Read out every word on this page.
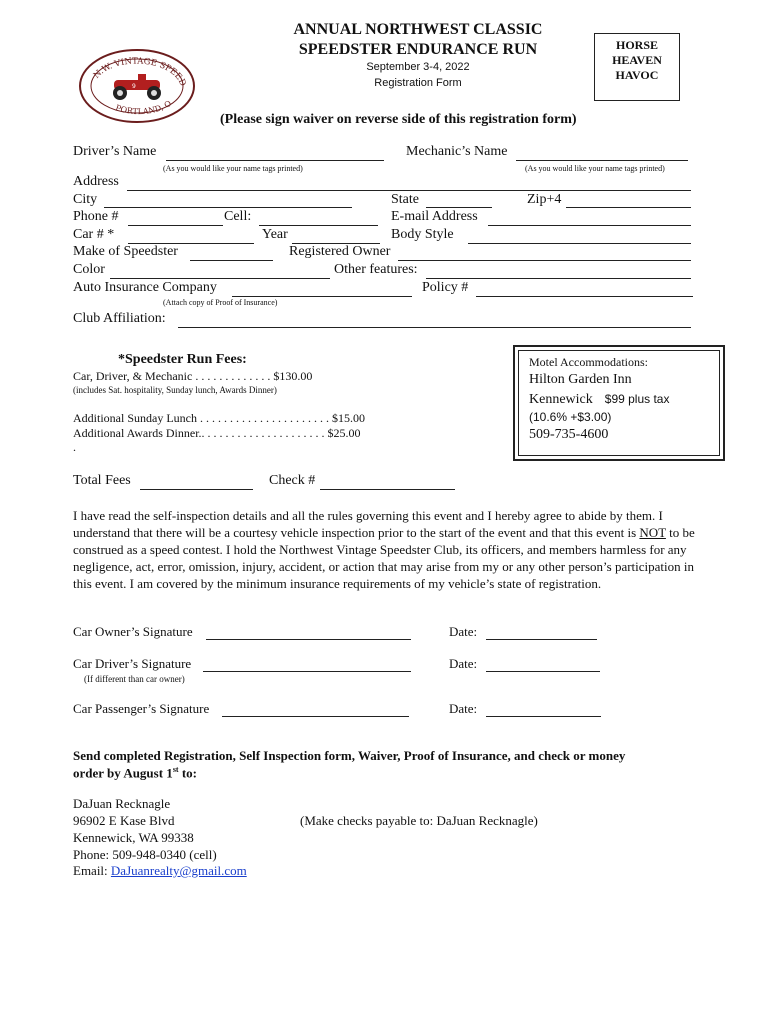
N.W. VINTAGE SPEED
PORTLAND, O
9
ANNUAL NORTHWEST CLASSIC
SPEEDSTER ENDURANCE RUN
September 3-4, 2022
Registration Form
HORSE
HEAVEN
HAVOC
(Please sign waiver on reverse side of this registration form)
Driver’s Name
(As you would like your name tags printed)
Mechanic’s Name
(As you would like your name tags printed)
Address
City	State	Zip+4
Phone #	Cell:	E-mail Address
Car # *	Year	Body Style
Make of Speedster	Registered Owner
Color	Other features:
Auto Insurance Company	Policy #
(Attach copy of Proof of Insurance)
Club Affiliation:
*Speedster Run Fees:
Car, Driver, & Mechanic . . . . . . . . . . . . . $130.00
(includes Sat. hospitality, Sunday lunch, Awards Dinner)
Additional Sunday Lunch . . . . . . . . . . . . . . . . . . . . . . $15.00
Additional Awards Dinner.. . . . . . . . . . . . . . . . . . . . . $25.00
.
Motel Accommodations:
Hilton Garden Inn
Kennewick $99 plus tax
(10.6% +$3.00)
509-735-4600
Total Fees	Check #
I have read the self-inspection details and all the rules governing this event and I hereby agree to abide by them. I understand that there will be a courtesy vehicle inspection prior to the start of the event and that this event is NOT to be construed as a speed contest. I hold the Northwest Vintage Speedster Club, its officers, and members harmless for any negligence, act, error, omission, injury, accident, or action that may arise from my or any other person’s participation in this event. I am covered by the minimum insurance requirements of my vehicle’s state of registration.
Car Owner’s Signature	Date:
Car Driver’s Signature	Date:
(If different than car owner)
Car Passenger’s Signature	Date:
Send completed Registration, Self Inspection form, Waiver, Proof of Insurance, and check or money
order by August 1st to:
DaJuan Recknagle
96902 E Kase Blvd
Kennewick, WA 99338
Phone: 509-948-0340 (cell)
Email: DaJuanrealty@gmail.com
(Make checks payable to: DaJuan Recknagle)
